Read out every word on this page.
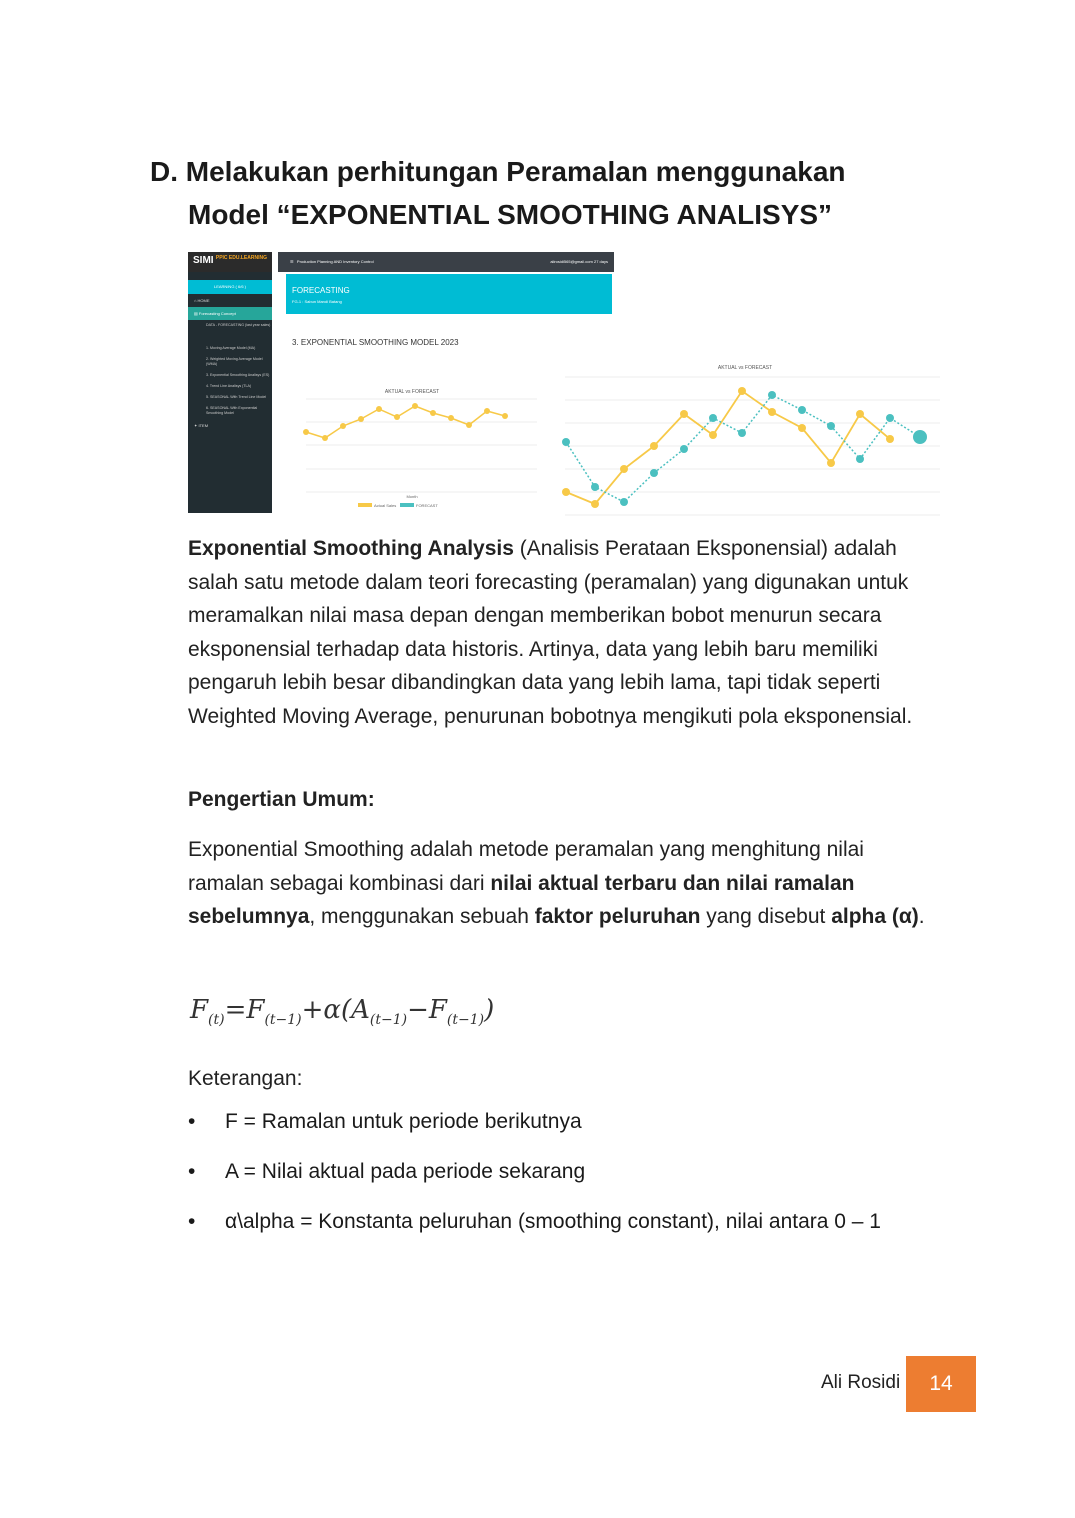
D. Melakukan perhitungan Peramalan menggunakan
Model “EXPONENTIAL SMOOTHING ANALISYS”
SIMI PPIC EDU.LEARNING
LEARNING ( 6/6 )
⌂ HOME
▤ Forecasting Concept
DATA - FORECASTING (last year sales)
1. Moving Average Model (MA)
2. Weighted Moving Average Model (WMA)
3. Exponential Smoothing Analisys (ES)
4. Trend Line Analisys (TLA)
5. SEASONAL With Trend Line Model
6. SEASONAL With Exponential Smoothing Model
✦ ITEM
☰   Production Planning AND Inventory Control	alirosidi565@gmail.com 27 days
FORECASTING
FG-1 : Sabun Mandi Batang
3. EXPONENTIAL SMOOTHING MODEL 2023
AKTUAL vs FORECAST
Month
Actual Sales	FORECAST
AKTUAL vs FORECAST
Exponential Smoothing Analysis (Analisis Perataan Eksponensial) adalah salah satu metode dalam teori forecasting (peramalan) yang digunakan untuk meramalkan nilai masa depan dengan memberikan bobot menurun secara eksponensial terhadap data historis. Artinya, data yang lebih baru memiliki pengaruh lebih besar dibandingkan data yang lebih lama, tapi tidak seperti Weighted Moving Average, penurunan bobotnya mengikuti pola eksponensial.
Pengertian Umum:
Exponential Smoothing adalah metode peramalan yang menghitung nilai ramalan sebagai kombinasi dari nilai aktual terbaru dan nilai ramalan sebelumnya, menggunakan sebuah faktor peluruhan yang disebut alpha (α).
$F_{(t)}=F_{(t-1)}+\alpha(A_{(t-1)}-F_{(t-1)})$
Keterangan:
• F = Ramalan untuk periode berikutnya
• A = Nilai aktual pada periode sekarang
• α\alpha = Konstanta peluruhan (smoothing constant), nilai antara 0 – 1
Ali Rosidi	14
